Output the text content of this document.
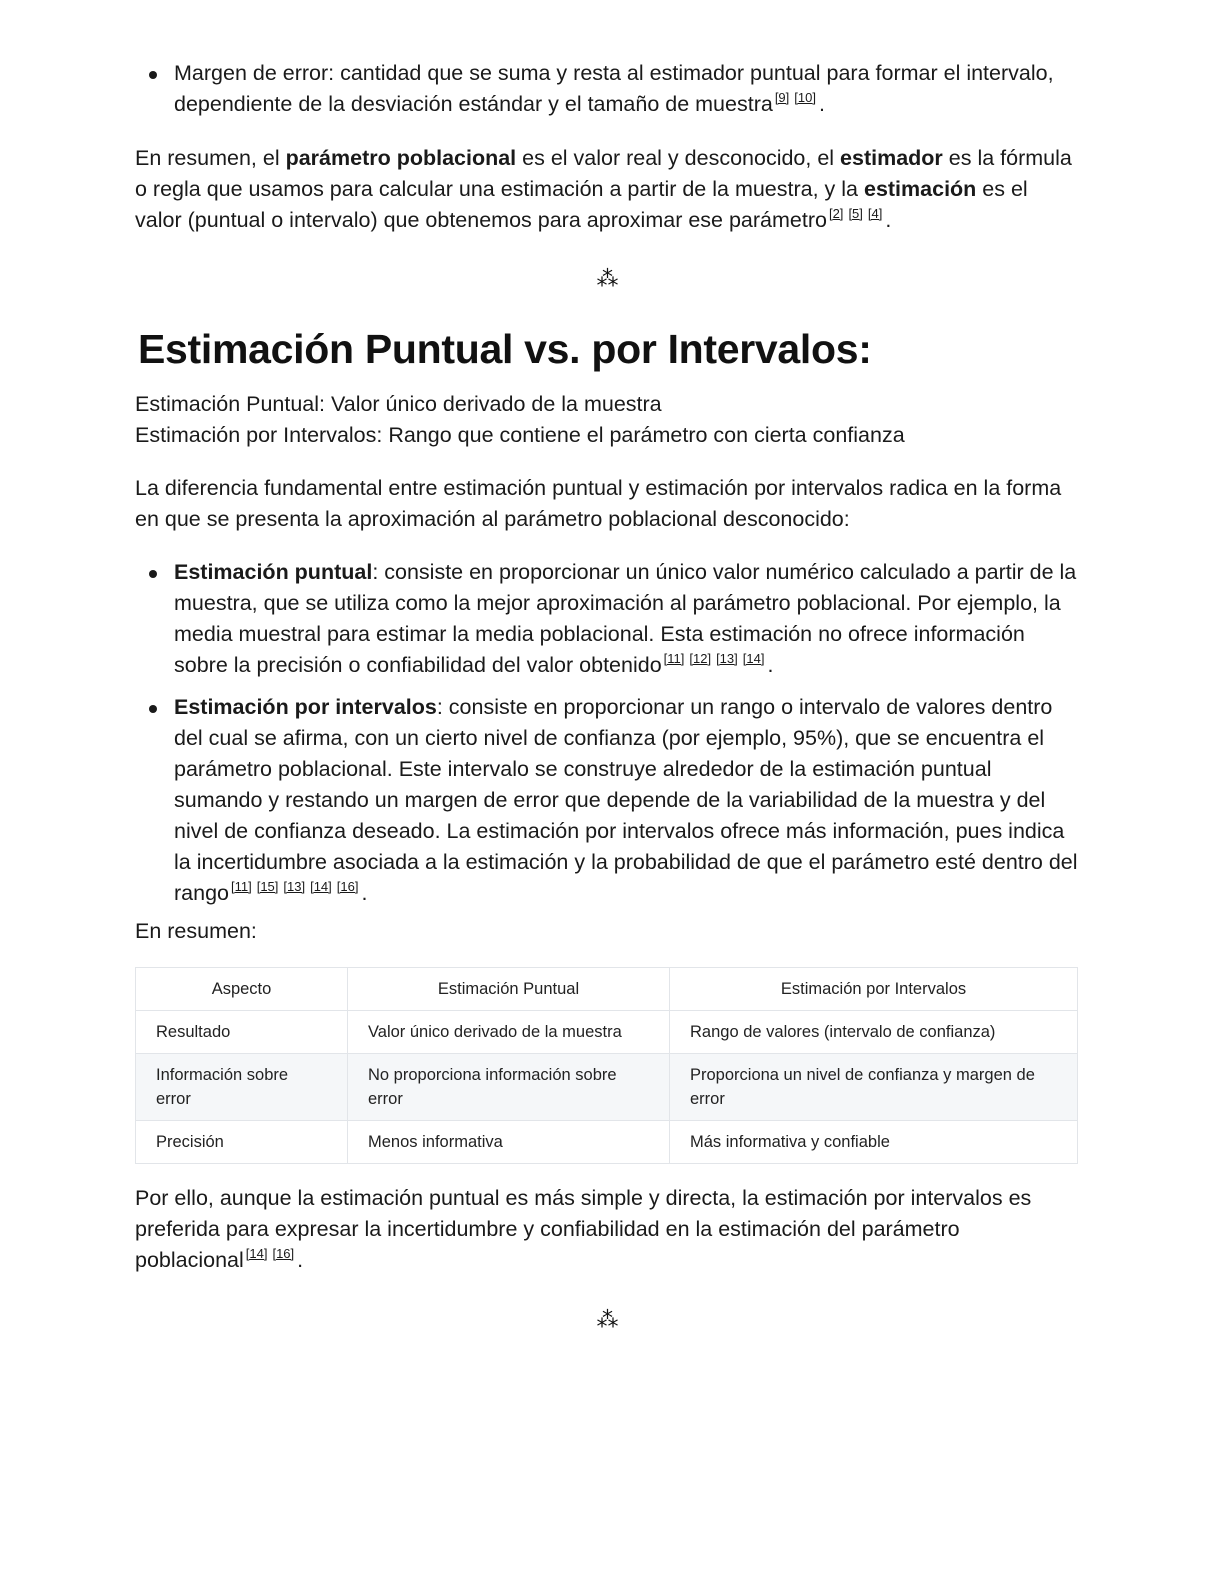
Margen de error: cantidad que se suma y resta al estimador puntual para formar el intervalo, dependiente de la desviación estándar y el tamaño de muestra [9] [10] .

En resumen, el parámetro poblacional es el valor real y desconocido, el estimador es la fórmula o regla que usamos para calcular una estimación a partir de la muestra, y la estimación es el valor (puntual o intervalo) que obtenemos para aproximar ese parámetro [2] [5] [4] .

⁂
Estimación Puntual vs. por Intervalos:

Estimación Puntual: Valor único derivado de la muestra

Estimación por Intervalos: Rango que contiene el parámetro con cierta confianza

La diferencia fundamental entre estimación puntual y estimación por intervalos radica en la forma en que se presenta la aproximación al parámetro poblacional desconocido:

Estimación puntual: consiste en proporcionar un único valor numérico calculado a partir de la muestra, que se utiliza como la mejor aproximación al parámetro poblacional. Por ejemplo, la media muestral para estimar la media poblacional. Esta estimación no ofrece información sobre la precisión o confiabilidad del valor obtenido [11] [12] [13] [14] .
Estimación por intervalos: consiste en proporcionar un rango o intervalo de valores dentro del cual se afirma, con un cierto nivel de confianza (por ejemplo, 95%), que se encuentra el parámetro poblacional. Este intervalo se construye alrededor de la estimación puntual sumando y restando un margen de error que depende de la variabilidad de la muestra y del nivel de confianza deseado. La estimación por intervalos ofrece más información, pues indica la incertidumbre asociada a la estimación y la probabilidad de que el parámetro esté dentro del rango [11] [15] [13] [14] [16] .

En resumen:

Aspecto	Estimación Puntual	Estimación por Intervalos
Resultado	Valor único derivado de la muestra	Rango de valores (intervalo de confianza)
Información sobre error	No proporciona información sobre error	Proporciona un nivel de confianza y margen de error
Precisión	Menos informativa	Más informativa y confiable

Por ello, aunque la estimación puntual es más simple y directa, la estimación por intervalos es preferida para expresar la incertidumbre y confiabilidad en la estimación del parámetro poblacional [14] [16] .

⁂
